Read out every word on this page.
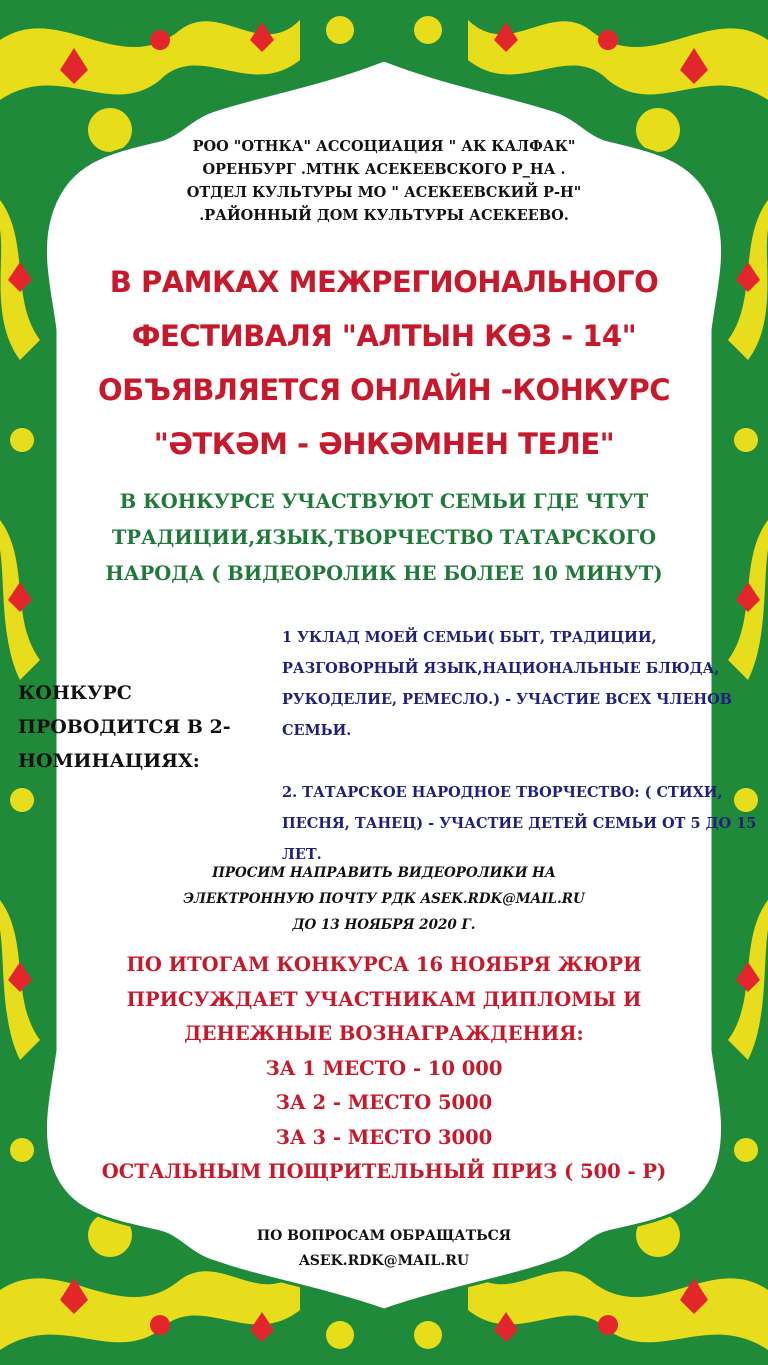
РОО "ОТНКА" АССОЦИАЦИЯ " АК КАЛФАК" ОРЕНБУРГ .МТНК АСЕКЕЕВСКОГО Р_НА . ОТДЕЛ КУЛЬТУРЫ МО " АСЕКЕЕВСКИЙ Р-Н" .РАЙОННЫЙ ДОМ КУЛЬТУРЫ АСЕКЕЕВО.

В РАМКАХ МЕЖРЕГИОНАЛЬНОГО ФЕСТИВАЛЯ "АЛТЫН КӨЗ - 14" ОБЪЯВЛЯЕТСЯ ОНЛАЙН -КОНКУРС "ӘТКӘМ - ӘНКӘМНЕН ТЕЛЕ"

В КОНКУРСЕ УЧАСТВУЮТ СЕМЬИ ГДЕ ЧТУТ ТРАДИЦИИ,ЯЗЫК,ТВОРЧЕСТВО ТАТАРСКОГО НАРОДА ( ВИДЕОРОЛИК НЕ БОЛЕЕ 10 МИНУТ)

КОНКУРС ПРОВОДИТСЯ В 2-НОМИНАЦИЯХ:

1 УКЛАД МОЕЙ СЕМЬИ( БЫТ, ТРАДИЦИИ, РАЗГОВОРНЫЙ ЯЗЫК,НАЦИОНАЛЬНЫЕ БЛЮДА, РУКОДЕЛИЕ, РЕМЕСЛО.) - УЧАСТИЕ ВСЕХ ЧЛЕНОВ СЕМЬИ.

2. ТАТАРСКОЕ НАРОДНОЕ ТВОРЧЕСТВО: ( СТИХИ, ПЕСНЯ, ТАНЕЦ) - УЧАСТИЕ ДЕТЕЙ СЕМЬИ ОТ 5 ДО 15 ЛЕТ.

ПРОСИМ НАПРАВИТЬ ВИДЕОРОЛИКИ НА ЭЛЕКТРОННУЮ ПОЧТУ РДК ASEK.RDK@MAIL.RU ДО 13 НОЯБРЯ 2020 Г.

ПО ИТОГАМ КОНКУРСА 16 НОЯБРЯ ЖЮРИ ПРИСУЖДАЕТ УЧАСТНИКАМ ДИПЛОМЫ И ДЕНЕЖНЫЕ ВОЗНАГРАЖДЕНИЯ:
ЗА 1 МЕСТО - 10 000
ЗА 2 - МЕСТО 5000
ЗА 3 - МЕСТО 3000
ОСТАЛЬНЫМ ПОЩРИТЕЛЬНЫЙ ПРИЗ ( 500 - Р)
ПО ВОПРОСАМ ОБРАЩАТЬСЯ
ASEK.RDK@MAIL.RU
